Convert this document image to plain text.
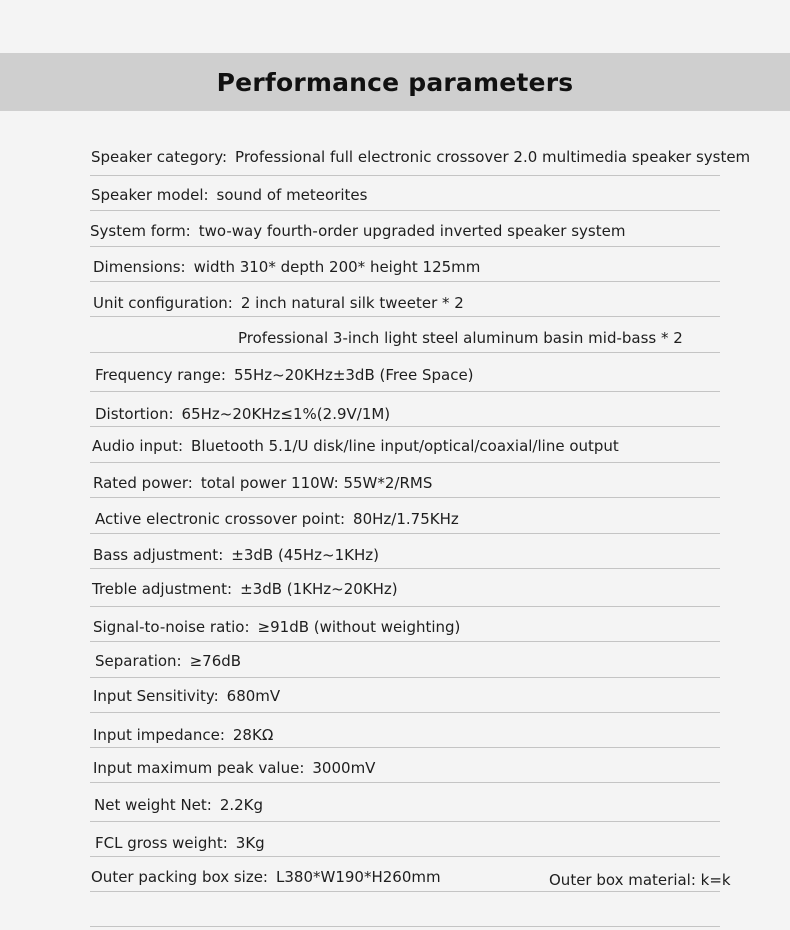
Performance parameters
Speaker category: Professional full electronic crossover 2.0 multimedia speaker system
Speaker model: sound of meteorites
System form: two-way fourth-order upgraded inverted speaker system
Dimensions: width 310* depth 200* height 125mm
Unit configuration: 2 inch natural silk tweeter * 2
Professional 3-inch light steel aluminum basin mid-bass * 2
Frequency range: 55Hz~20KHz±3dB (Free Space)
Distortion: 65Hz~20KHz≤1%(2.9V/1M)
Audio input: Bluetooth 5.1/U disk/line input/optical/coaxial/line output
Rated power: total power 110W: 55W*2/RMS
Active electronic crossover point: 80Hz/1.75KHz
Bass adjustment: ±3dB (45Hz~1KHz)
Treble adjustment: ±3dB (1KHz~20KHz)
Signal-to-noise ratio: ≥91dB (without weighting)
Separation: ≥76dB
Input Sensitivity: 680mV
Input impedance: 28KΩ
Input maximum peak value: 3000mV
Net weight Net: 2.2Kg
FCL gross weight: 3Kg
Outer packing box size: L380*W190*H260mm	Outer box material: k=k
